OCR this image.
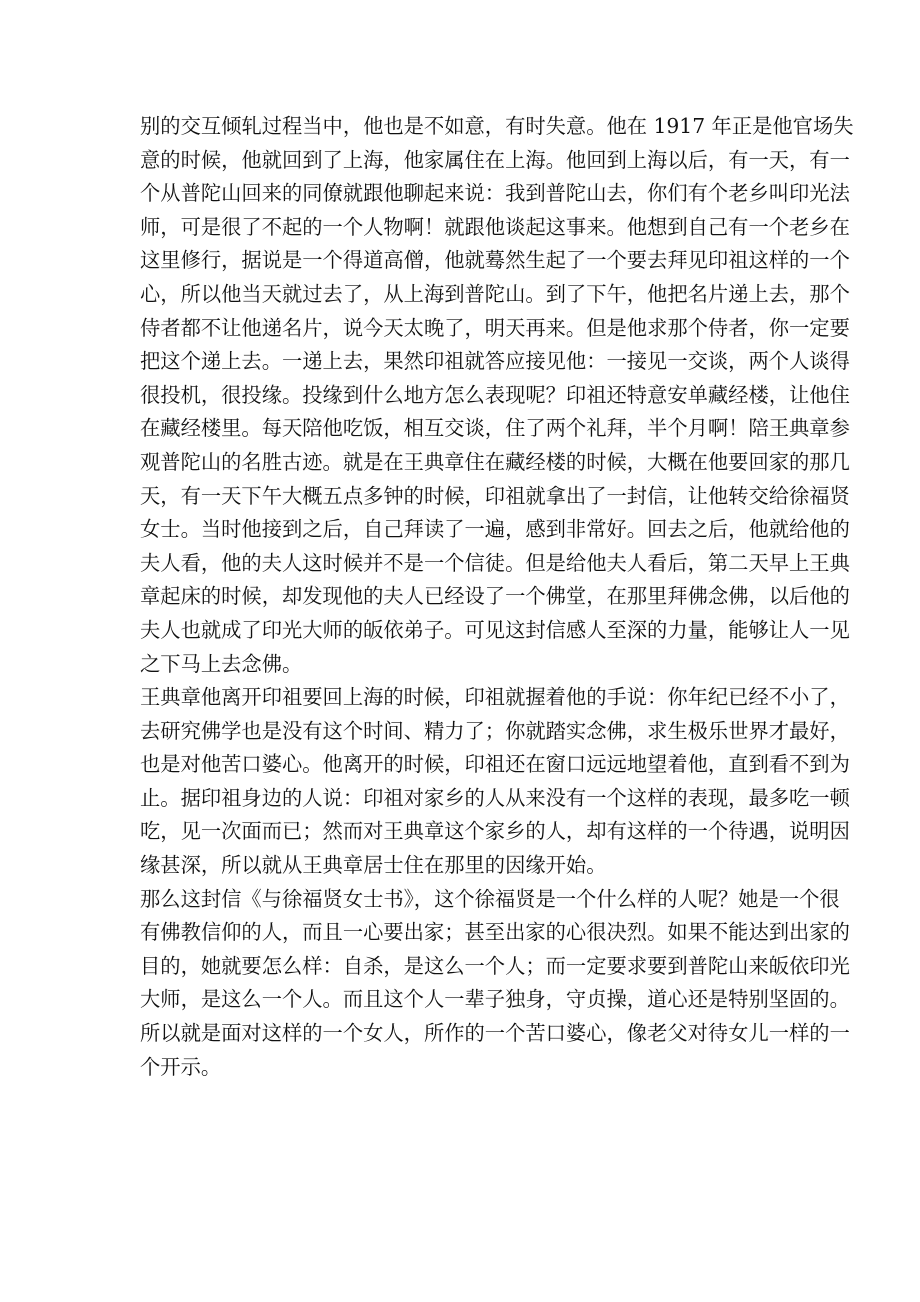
别的交互倾轧过程当中，他也是不如意，有时失意。他在 1917 年正是他官场失
意的时候，他就回到了上海，他家属住在上海。他回到上海以后，有一天，有一
个从普陀山回来的同僚就跟他聊起来说：我到普陀山去，你们有个老乡叫印光法
师，可是很了不起的一个人物啊！就跟他谈起这事来。他想到自己有一个老乡在
这里修行，据说是一个得道高僧，他就蓦然生起了一个要去拜见印祖这样的一个
心，所以他当天就过去了，从上海到普陀山。到了下午，他把名片递上去，那个
侍者都不让他递名片，说今天太晚了，明天再来。但是他求那个侍者，你一定要
把这个递上去。一递上去，果然印祖就答应接见他：一接见一交谈，两个人谈得
很投机，很投缘。投缘到什么地方怎么表现呢？印祖还特意安单藏经楼，让他住
在藏经楼里。每天陪他吃饭，相互交谈，住了两个礼拜，半个月啊！陪王典章参
观普陀山的名胜古迹。就是在王典章住在藏经楼的时候，大概在他要回家的那几
天，有一天下午大概五点多钟的时候，印祖就拿出了一封信，让他转交给徐福贤
女士。当时他接到之后，自己拜读了一遍，感到非常好。回去之后，他就给他的
夫人看，他的夫人这时候并不是一个信徒。但是给他夫人看后，第二天早上王典
章起床的时候，却发现他的夫人已经设了一个佛堂，在那里拜佛念佛，以后他的
夫人也就成了印光大师的皈依弟子。可见这封信感人至深的力量，能够让人一见
之下马上去念佛。
王典章他离开印祖要回上海的时候，印祖就握着他的手说：你年纪已经不小了，
去研究佛学也是没有这个时间、精力了；你就踏实念佛，求生极乐世界才最好，
也是对他苦口婆心。他离开的时候，印祖还在窗口远远地望着他，直到看不到为
止。据印祖身边的人说：印祖对家乡的人从来没有一个这样的表现，最多吃一顿
吃，见一次面而已；然而对王典章这个家乡的人，却有这样的一个待遇，说明因
缘甚深，所以就从王典章居士住在那里的因缘开始。
那么这封信《与徐福贤女士书》，这个徐福贤是一个什么样的人呢？她是一个很
有佛教信仰的人，而且一心要出家；甚至出家的心很决烈。如果不能达到出家的
目的，她就要怎么样：自杀，是这么一个人；而一定要求要到普陀山来皈依印光
大师，是这么一个人。而且这个人一辈子独身，守贞操，道心还是特别坚固的。
所以就是面对这样的一个女人，所作的一个苦口婆心，像老父对待女儿一样的一
个开示。
